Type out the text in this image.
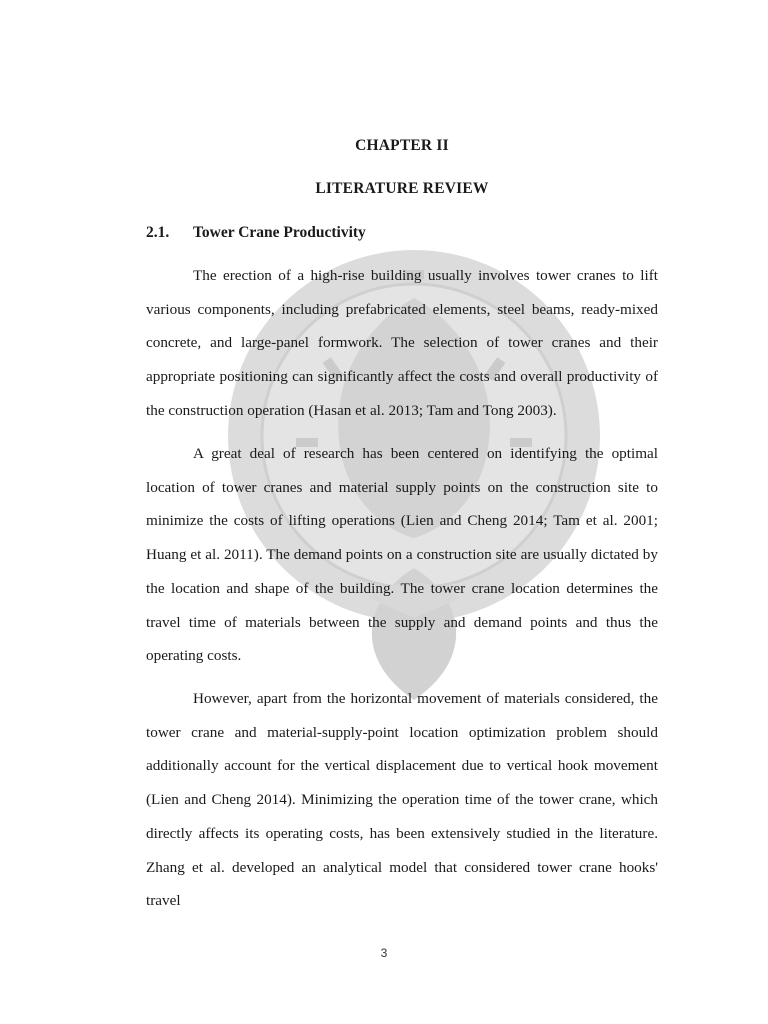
CHAPTER II
LITERATURE REVIEW
2.1. Tower Crane Productivity

The erection of a high-rise building usually involves tower cranes to lift various components, including prefabricated elements, steel beams, ready-mixed concrete, and large-panel formwork. The selection of tower cranes and their appropriate positioning can significantly affect the costs and overall productivity of the construction operation (Hasan et al. 2013; Tam and Tong 2003).

A great deal of research has been centered on identifying the optimal location of tower cranes and material supply points on the construction site to minimize the costs of lifting operations (Lien and Cheng 2014; Tam et al. 2001; Huang et al. 2011). The demand points on a construction site are usually dictated by the location and shape of the building. The tower crane location determines the travel time of materials between the supply and demand points and thus the operating costs.

However, apart from the horizontal movement of materials considered, the tower crane and material-supply-point location optimization problem should additionally account for the vertical displacement due to vertical hook movement (Lien and Cheng 2014). Minimizing the operation time of the tower crane, which directly affects its operating costs, has been extensively studied in the literature. Zhang et al. developed an analytical model that considered tower crane hooks' travel

3
